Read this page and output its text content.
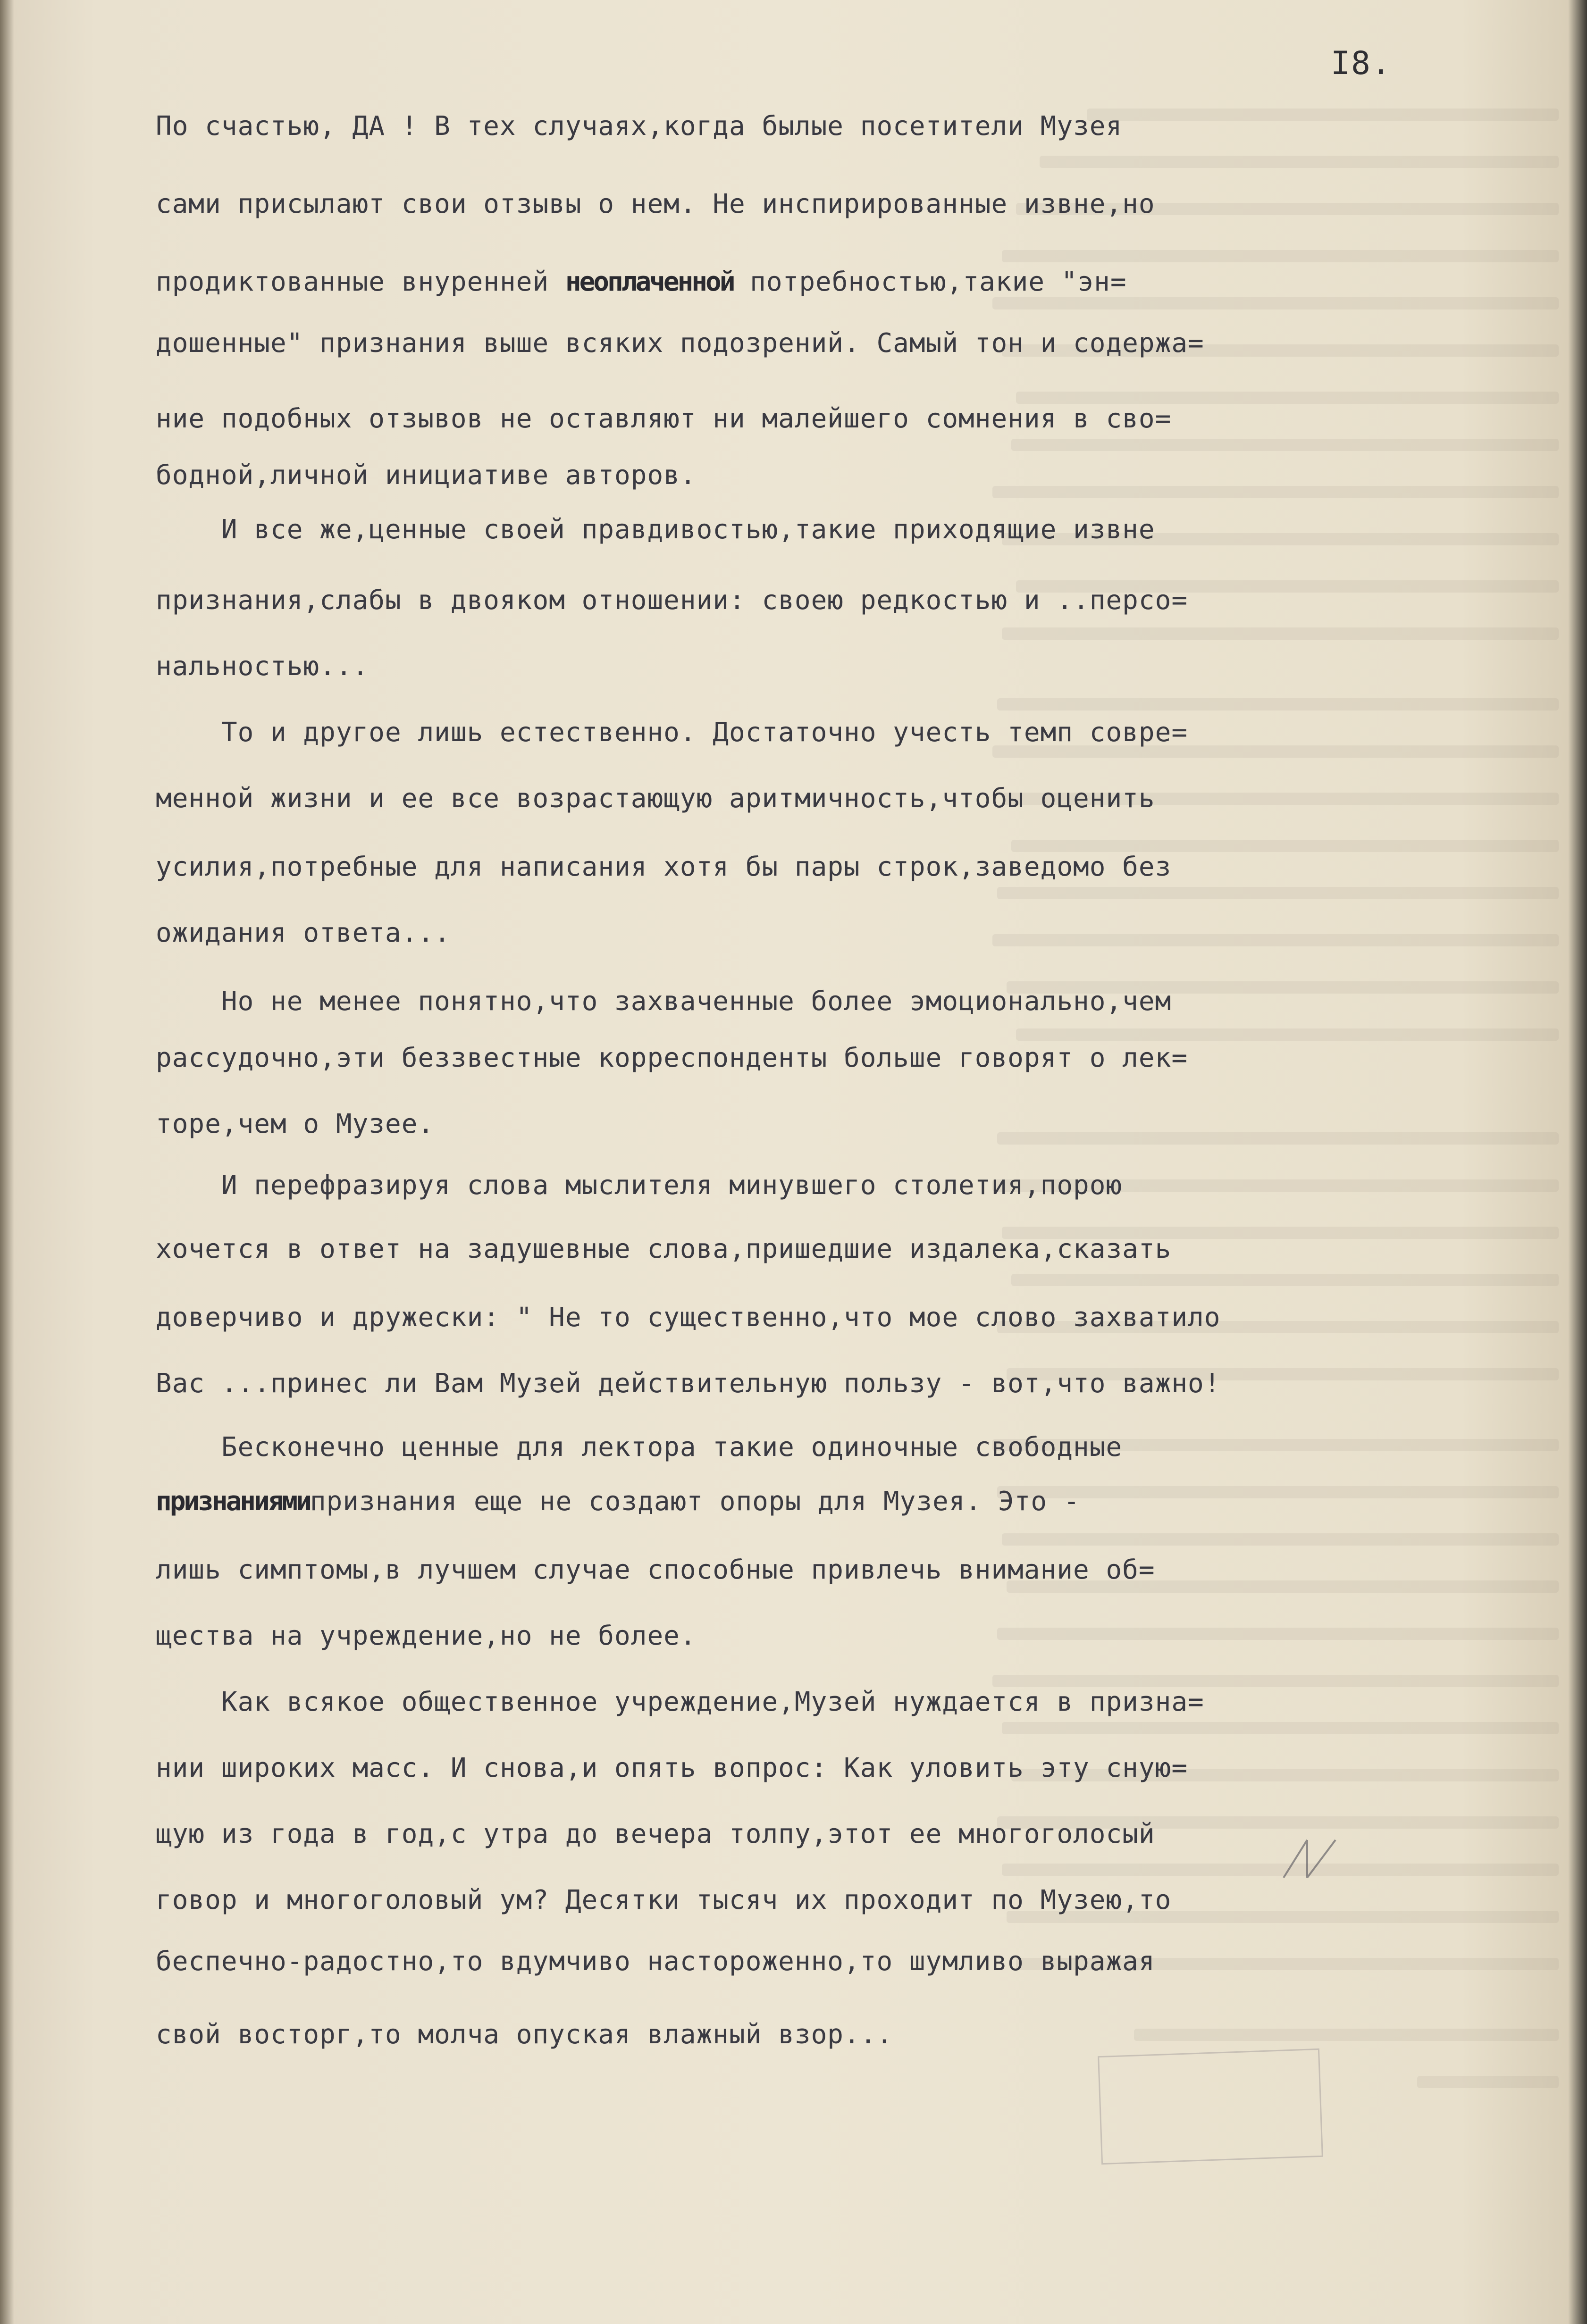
I8.
По счастью, ДА ! В тех случаях,когда былые посетители Музея
сами присылают свои отзывы о нем. Не инспирированные извне,но
продиктованные внуренней неоплаченной потребностью,такие "эн=
дошенные" признания выше всяких подозрений. Самый тон и содержа=
ние подобных отзывов не оставляют ни малейшего сомнения в сво=
бодной,личной инициативе авторов.
И все же,ценные своей правдивостью,такие приходящие извне
признания,слабы в двояком отношении: своею редкостью и ..персо=
нальностью...
То и другое лишь естественно. Достаточно учесть темп совре=
менной жизни и ее все возрастающую аритмичность,чтобы оценить
усилия,потребные для написания хотя бы пары строк,заведомо без
ожидания ответа...
Но не менее понятно,что захваченные более эмоционально,чем
рассудочно,эти беззвестные корреспонденты больше говорят о лек=
торе,чем о Музее.
И перефразируя слова мыслителя минувшего столетия,порою
хочется в ответ на задушевные слова,пришедшие издалека,сказать
доверчиво и дружески: " Не то существенно,что мое слово захватило
Вас ...принес ли Вам Музей действительную пользу - вот,что важно!
Бесконечно ценные для лектора такие одиночные свободные
признаниямипризнания еще не создают опоры для Музея. Это -
лишь симптомы,в лучшем случае способные привлечь внимание об=
щества на учреждение,но не более.
Как всякое общественное учреждение,Музей нуждается в призна=
нии широких масс. И снова,и опять вопрос: Как уловить эту сную=
щую из года в год,с утра до вечера толпу,этот ее многоголосый
говор и многоголовый ум? Десятки тысяч их проходит по Музею,то
беспечно-радостно,то вдумчиво настороженно,то шумливо выражая
свой восторг,то молча опуская влажный взор...
